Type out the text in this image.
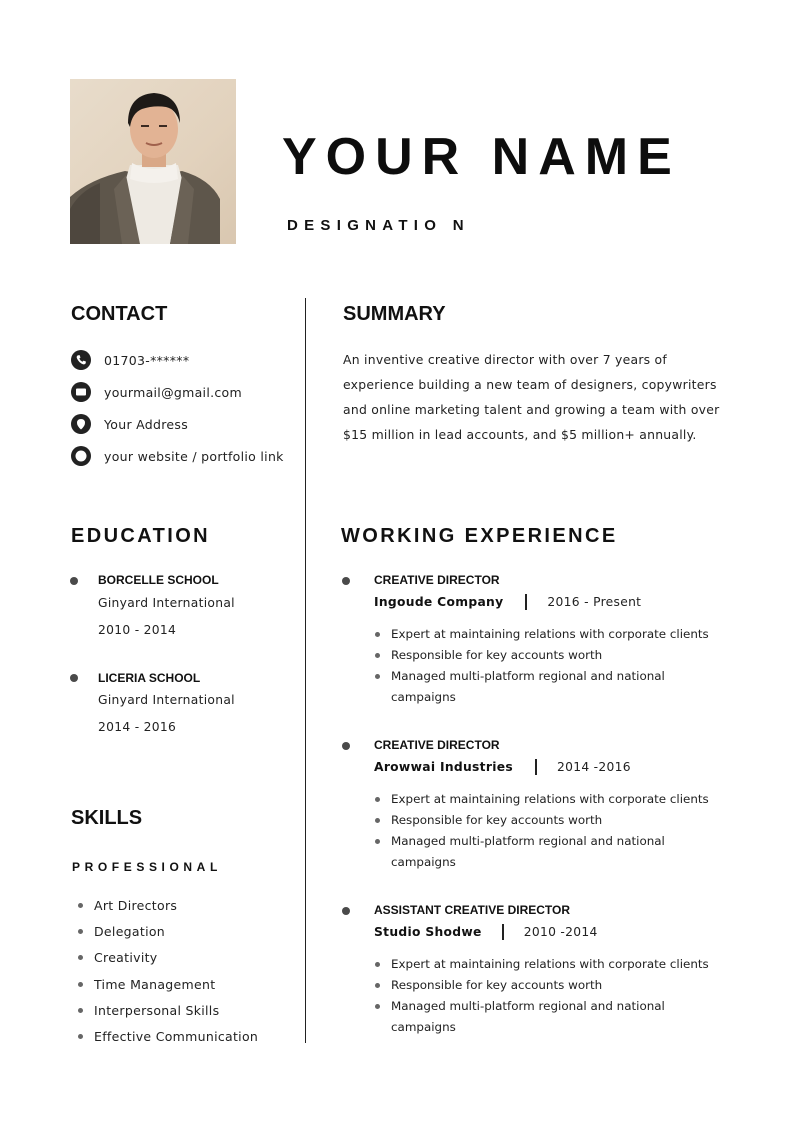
YOUR NAME
DESIGNATIO N
CONTACT
01703-******
yourmail@gmail.com
Your Address
your website / portfolio link
SUMMARY
An inventive creative director with over 7 years of experience building a new team of designers, copywriters and online marketing talent and growing a team with over $15 million in lead accounts, and $5 million+ annually.
EDUCATION
BORCELLE SCHOOL
Ginyard International
2010 - 2014
LICERIA SCHOOL
Ginyard International
2014 - 2016
SKILLS
PROFESSIONAL
Art Directors
Delegation
Creativity
Time Management
Interpersonal Skills
Effective Communication
WORKING EXPERIENCE
CREATIVE DIRECTOR
Ingoude Company	2016 - Present
Expert at maintaining relations with corporate clients
Responsible for key accounts worth
Managed multi-platform regional and national campaigns
CREATIVE DIRECTOR
Arowwai Industries	2014 -2016
Expert at maintaining relations with corporate clients
Responsible for key accounts worth
Managed multi-platform regional and national campaigns
ASSISTANT CREATIVE DIRECTOR
Studio Shodwe	2010 -2014
Expert at maintaining relations with corporate clients
Responsible for key accounts worth
Managed multi-platform regional and national campaigns
